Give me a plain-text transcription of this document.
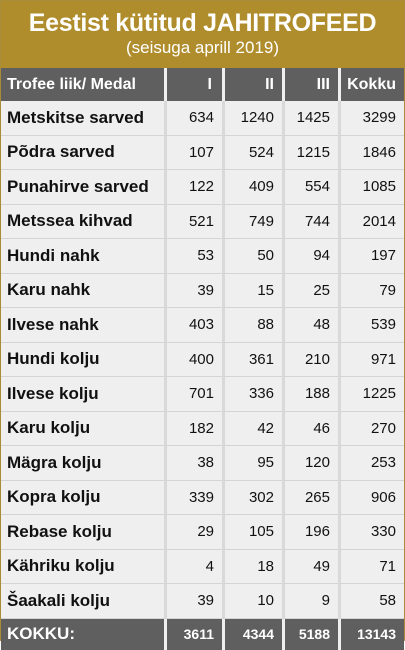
Eestist kütitud JAHITROFEED
(seisuga aprill 2019)
Trofee liik/ Medal	I	II	III	Kokku
Metskitse sarved	634	1240	1425	3299
Põdra sarved	107	524	1215	1846
Punahirve sarved	122	409	554	1085
Metssea kihvad	521	749	744	2014
Hundi nahk	53	50	94	197
Karu nahk	39	15	25	79
Ilvese nahk	403	88	48	539
Hundi kolju	400	361	210	971
Ilvese kolju	701	336	188	1225
Karu kolju	182	42	46	270
Mägra kolju	38	95	120	253
Kopra kolju	339	302	265	906
Rebase kolju	29	105	196	330
Kähriku kolju	4	18	49	71
Šaakali kolju	39	10	9	58
KOKKU:	3611	4344	5188	13143
